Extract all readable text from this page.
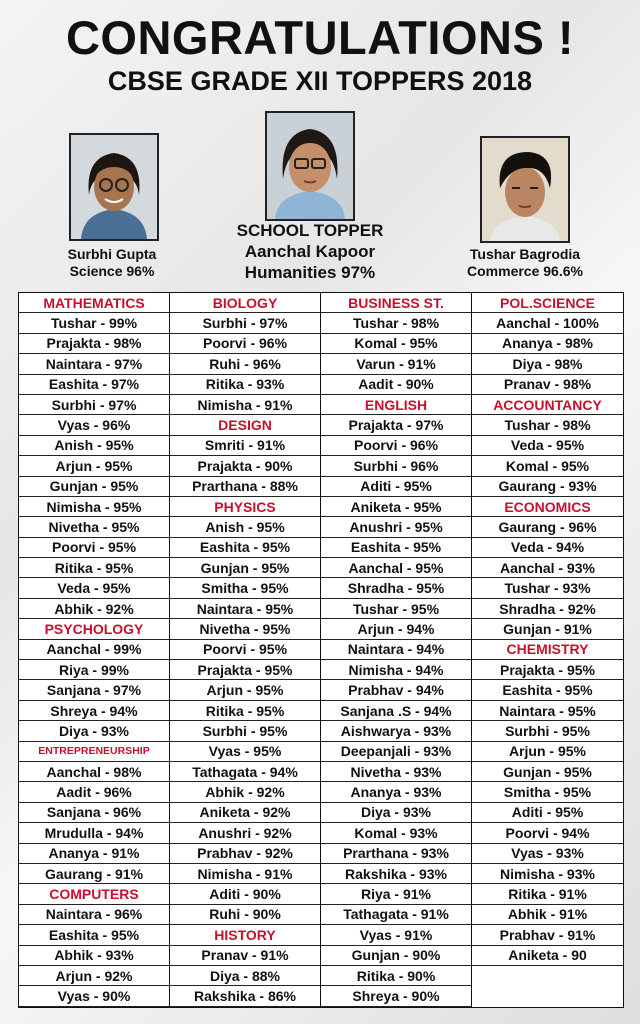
CONGRATULATIONS !
CBSE GRADE XII TOPPERS 2018
Surbhi Gupta
Science 96%
SCHOOL TOPPER
Aanchal Kapoor
Humanities 97%
Tushar Bagrodia
Commerce 96.6%
MATHEMATICS
Tushar - 99%
Prajakta - 98%
Naintara - 97%
Eashita - 97%
Surbhi - 97%
Vyas - 96%
Anish - 95%
Arjun - 95%
Gunjan - 95%
Nimisha - 95%
Nivetha - 95%
Poorvi - 95%
Ritika - 95%
Veda - 95%
Abhik - 92%
PSYCHOLOGY
Aanchal - 99%
Riya - 99%
Sanjana - 97%
Shreya - 94%
Diya - 93%
ENTREPRENEURSHIP
Aanchal - 98%
Aadit - 96%
Sanjana - 96%
Mrudulla - 94%
Ananya - 91%
Gaurang - 91%
COMPUTERS
Naintara - 96%
Eashita - 95%
Abhik - 93%
Arjun - 92%
Vyas - 90%
BIOLOGY
Surbhi - 97%
Poorvi - 96%
Ruhi - 96%
Ritika - 93%
Nimisha - 91%
DESIGN
Smriti - 91%
Prajakta - 90%
Prarthana - 88%
PHYSICS
Anish - 95%
Eashita - 95%
Gunjan - 95%
Smitha - 95%
Naintara - 95%
Nivetha - 95%
Poorvi - 95%
Prajakta - 95%
Arjun - 95%
Ritika - 95%
Surbhi - 95%
Vyas - 95%
Tathagata - 94%
Abhik - 92%
Aniketa - 92%
Anushri - 92%
Prabhav - 92%
Nimisha - 91%
Aditi - 90%
Ruhi - 90%
HISTORY
Pranav - 91%
Diya - 88%
Rakshika - 86%
BUSINESS ST.
Tushar - 98%
Komal - 95%
Varun - 91%
Aadit - 90%
ENGLISH
Prajakta - 97%
Poorvi - 96%
Surbhi - 96%
Aditi - 95%
Aniketa - 95%
Anushri - 95%
Eashita - 95%
Aanchal - 95%
Shradha - 95%
Tushar - 95%
Arjun - 94%
Naintara - 94%
Nimisha - 94%
Prabhav - 94%
Sanjana .S - 94%
Aishwarya - 93%
Deepanjali - 93%
Nivetha - 93%
Ananya - 93%
Diya - 93%
Komal - 93%
Prarthana - 93%
Rakshika - 93%
Riya - 91%
Tathagata - 91%
Vyas - 91%
Gunjan - 90%
Ritika - 90%
Shreya - 90%
POL.SCIENCE
Aanchal - 100%
Ananya - 98%
Diya - 98%
Pranav - 98%
ACCOUNTANCY
Tushar - 98%
Veda - 95%
Komal - 95%
Gaurang - 93%
ECONOMICS
Gaurang - 96%
Veda - 94%
Aanchal - 93%
Tushar - 93%
Shradha - 92%
Gunjan - 91%
CHEMISTRY
Prajakta - 95%
Eashita - 95%
Naintara - 95%
Surbhi - 95%
Arjun - 95%
Gunjan - 95%
Smitha - 95%
Aditi - 95%
Poorvi - 94%
Vyas - 93%
Nimisha - 93%
Ritika - 91%
Abhik - 91%
Prabhav - 91%
Aniketa - 90
